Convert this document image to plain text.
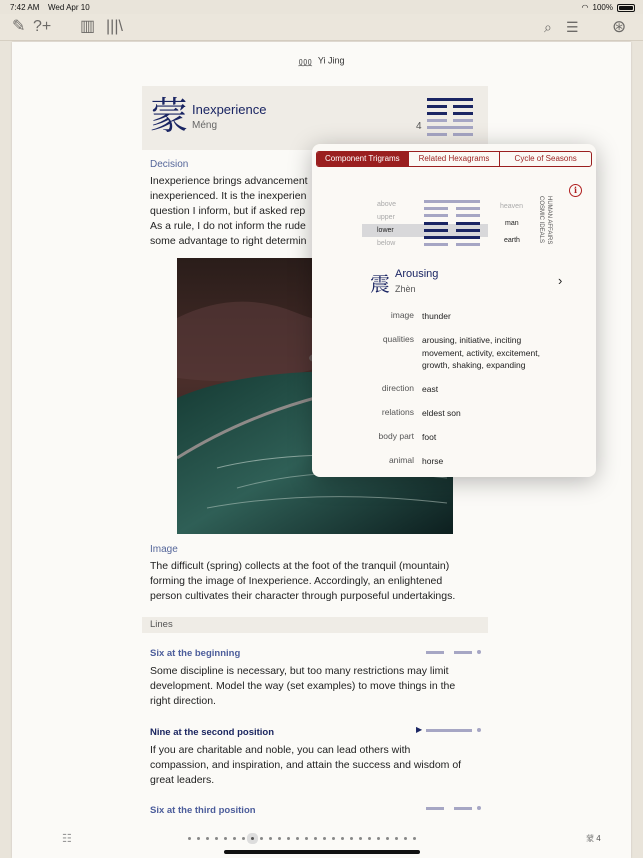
7:42 AM Wed Apr 10	◠ 100%
✎ ?+ ▥ |||\	⌕ ☰ ⊛
⅏ Yi Jing
蒙 Inexperience
Méng	4
Decision
Inexperience brings advancement
inexperienced. It is the inexperien
question I inform, but if asked rep
As a rule, I do not inform the rude
some advantage to right determin
Image
The difficult (spring) collects at the foot of the tranquil (mountain)
forming the image of Inexperience. Accordingly, an enlightened
person cultivates their character through purposeful undertakings.
Lines
Six at the beginning
Some discipline is necessary, but too many restrictions may limit
development. Model the way (set examples) to move things in the
right direction.
Nine at the second position	▶
If you are charitable and noble, you can lead others with
compassion, and inspiration, and attain the success and wisdom of
great leaders.
Six at the third position
☷	蒙 4
Component Trigrams	Related Hexagrams	Cycle of Seasons
i
above
upper
lower
below
heaven
man
earth	COSMIC IDEALS HUMAN AFFAIRS
震 Arousing
Zhèn
›
image thunder
qualities arousing, initiative, inciting
movement, activity, excitement,
growth, shaking, expanding
direction east
relations eldest son
body part foot
animal horse
